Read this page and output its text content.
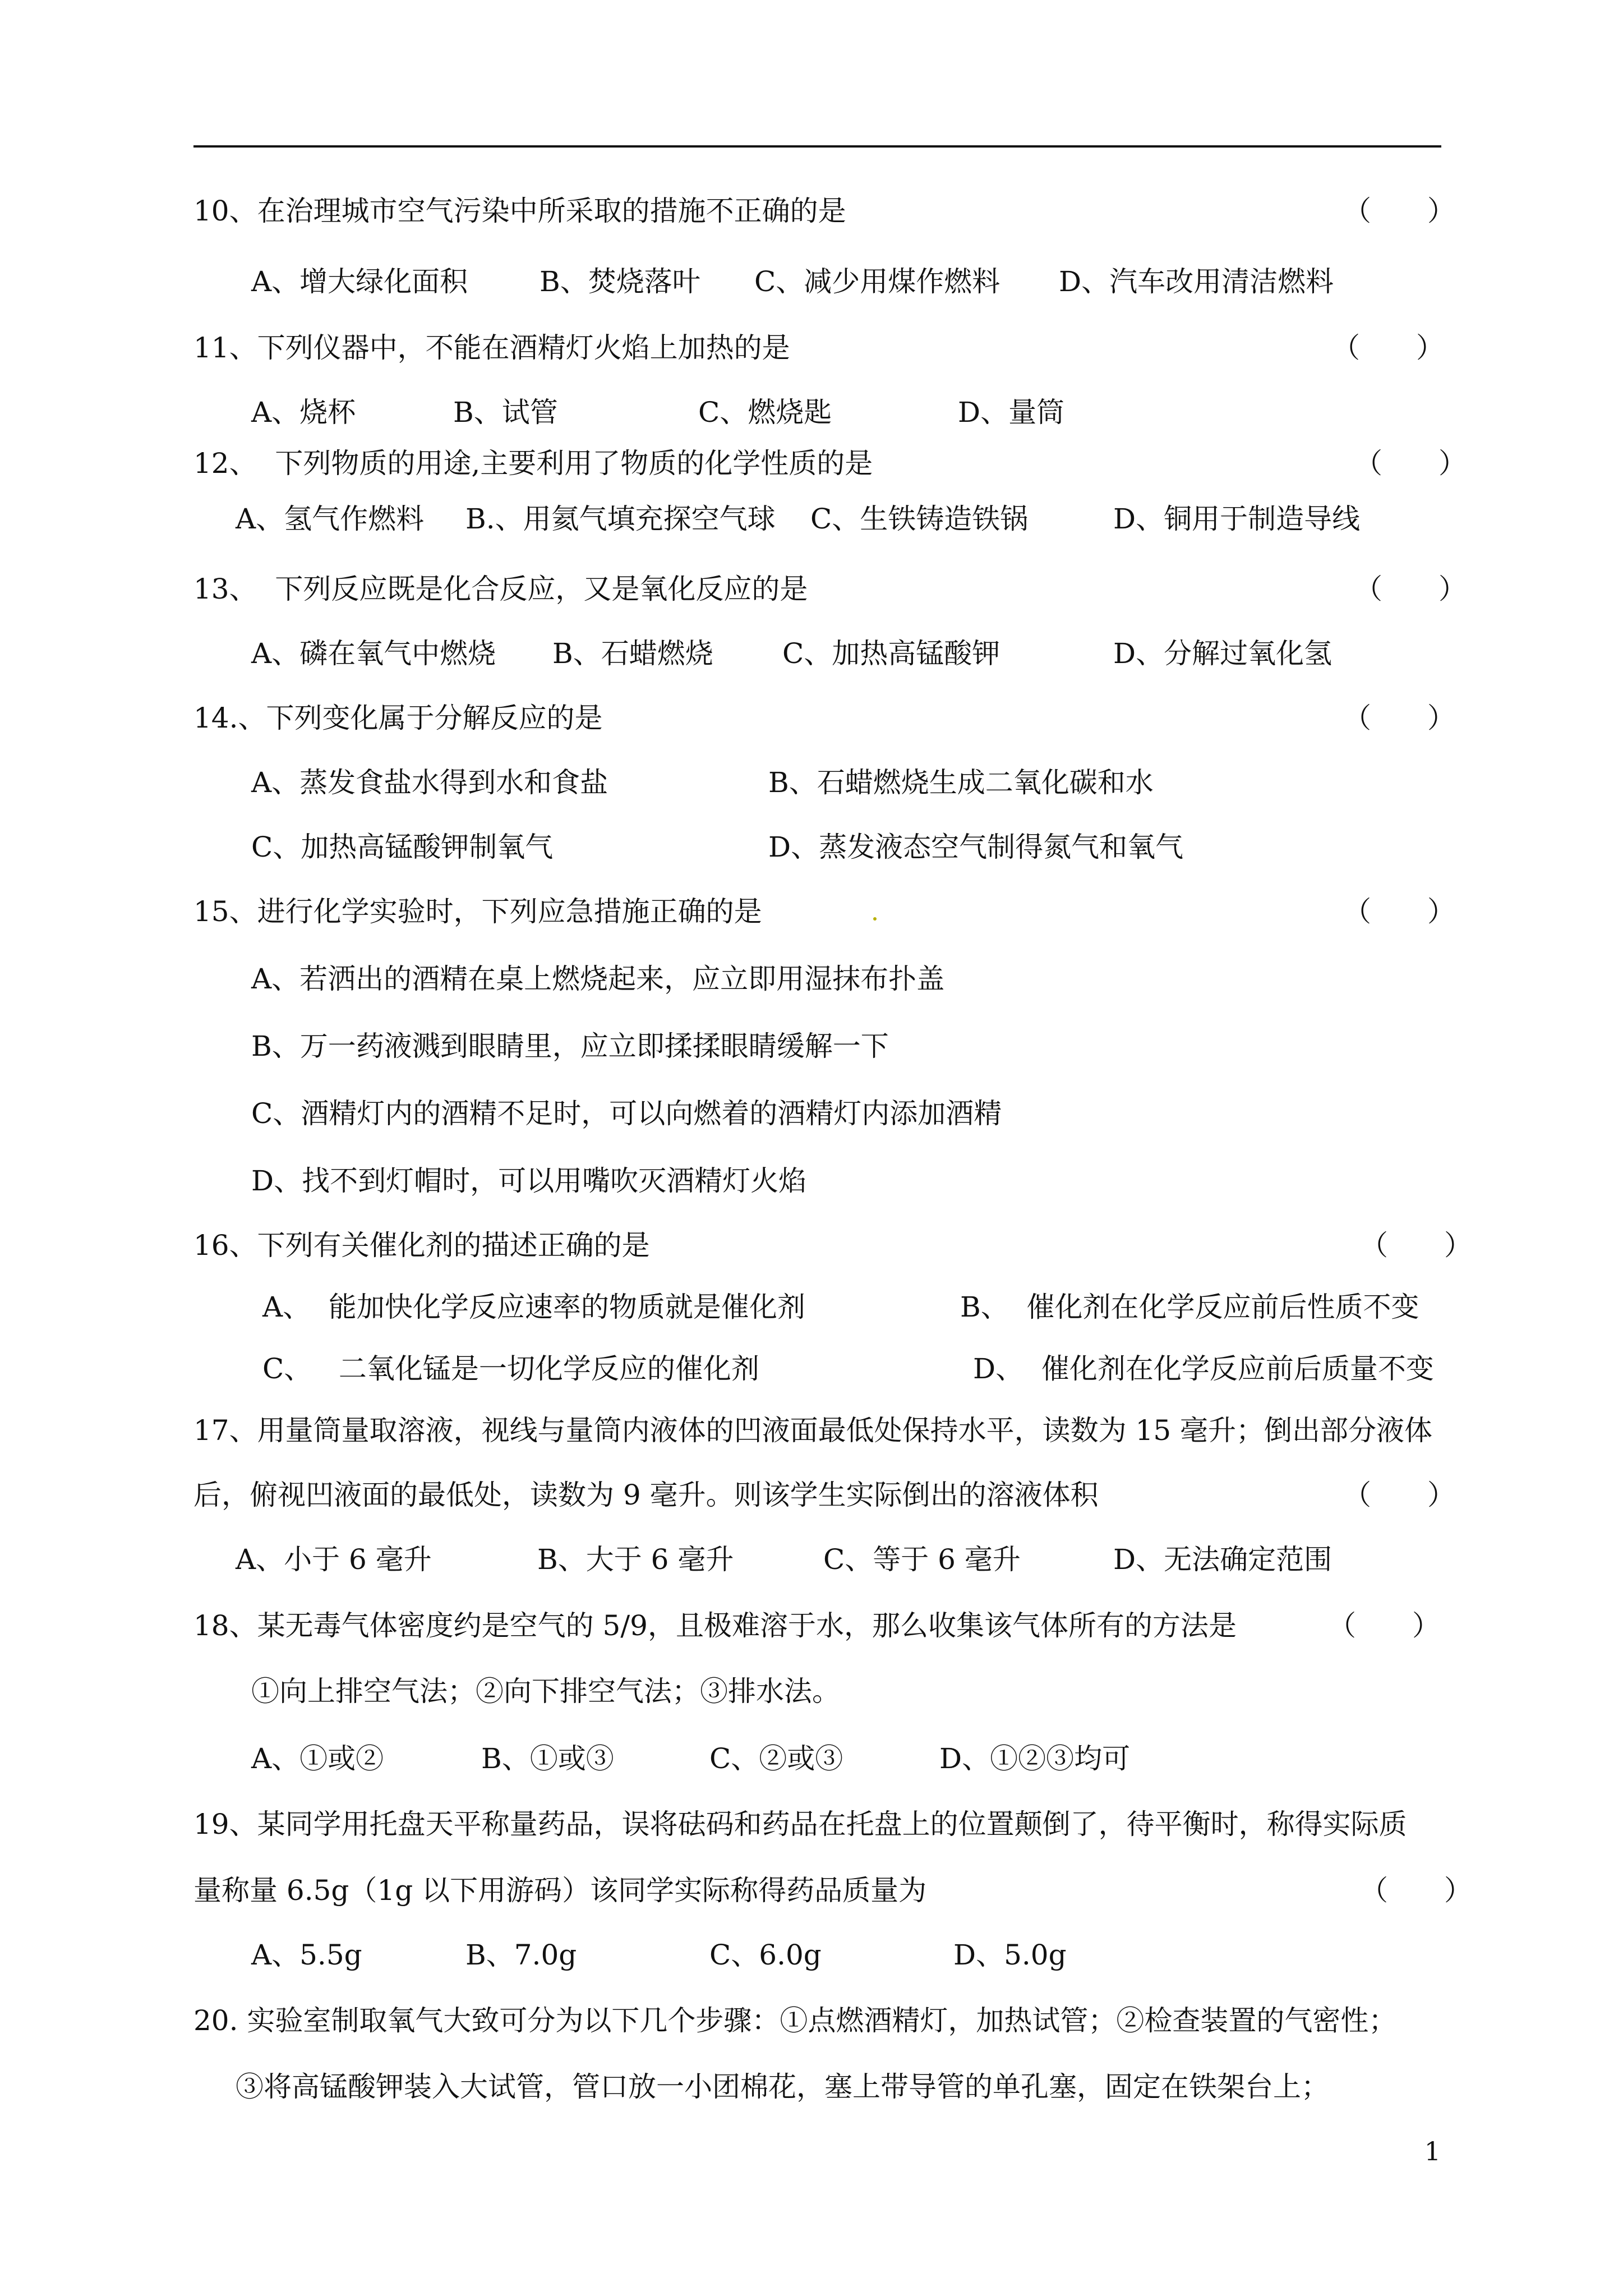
10、在治理城市空气污染中所采取的措施不正确的是	（　　）
A、增大绿化面积	B、焚烧落叶 C、减少用煤作燃料 D、汽车改用清洁燃料
11、下列仪器中，不能在酒精灯火焰上加热的是	（　　）
A、烧杯	B、试管	C、燃烧匙	D、量筒
12、  下列物质的用途,主要利用了物质的化学性质的是	（　　）
A、氢气作燃料 B.、用氦气填充探空气球 C、生铁铸造铁锅	D、铜用于制造导线
13、  下列反应既是化合反应，又是氧化反应的是	（　　）
A、磷在氧气中燃烧 B、石蜡燃烧 C、加热高锰酸钾	D、分解过氧化氢
14.、下列变化属于分解反应的是	（　　）
A、蒸发食盐水得到水和食盐	B、石蜡燃烧生成二氧化碳和水
C、加热高锰酸钾制氧气	D、蒸发液态空气制得氮气和氧气
15、进行化学实验时，下列应急措施正确的是	（　　）
A、若洒出的酒精在桌上燃烧起来，应立即用湿抹布扑盖
B、万一药液溅到眼睛里，应立即揉揉眼睛缓解一下
C、酒精灯内的酒精不足时，可以向燃着的酒精灯内添加酒精
D、找不到灯帽时，可以用嘴吹灭酒精灯火焰
16、下列有关催化剂的描述正确的是	（　　）
A、  能加快化学反应速率的物质就是催化剂	B、  催化剂在化学反应前后性质不变
C、   二氧化锰是一切化学反应的催化剂	D、  催化剂在化学反应前后质量不变
17、用量筒量取溶液，视线与量筒内液体的凹液面最低处保持水平，读数为 15 毫升；倒出部分液体
后，俯视凹液面的最低处，读数为 9 毫升。则该学生实际倒出的溶液体积	（　　）
A、小于 6 毫升	B、大于 6 毫升	C、等于 6 毫升	D、无法确定范围
18、某无毒气体密度约是空气的 5/9，且极难溶于水，那么收集该气体所有的方法是	（　　）
①向上排空气法；②向下排空气法；③排水法。
A、①或②	B、①或③	C、②或③	D、①②③均可
19、某同学用托盘天平称量药品，误将砝码和药品在托盘上的位置颠倒了，待平衡时，称得实际质
量称量 6.5g（1g 以下用游码）该同学实际称得药品质量为	（　　）
A、5.5g	B、7.0g	C、6.0g	D、5.0g
20. 实验室制取氧气大致可分为以下几个步骤：①点燃酒精灯，加热试管；②检查装置的气密性；
③将高锰酸钾装入大试管，管口放一小团棉花，塞上带导管的单孔塞，固定在铁架台上；
1
